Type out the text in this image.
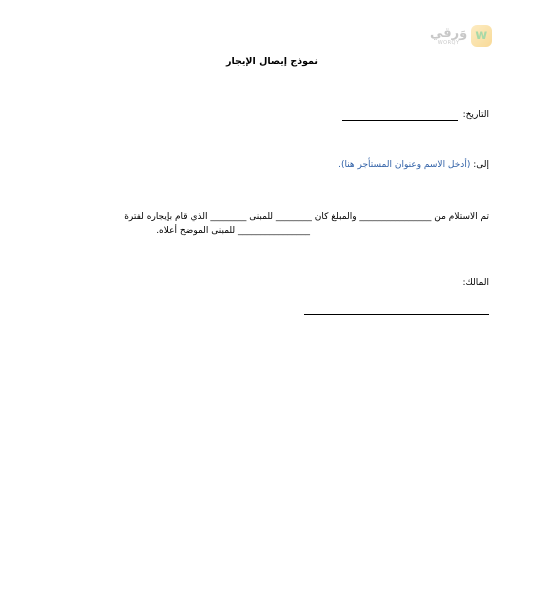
وَرقي
WORQY w
نموذج إيصال الإيجار
التاريخ:
إلى: (أدخل الاسم وعنوان المستأجر هنا).
تم الاستلام من ________________ والمبلغ كان ________ للمبنى ________ الذي قام بإيجاره لفترة
________________ للمبنى الموضح أعلاه.
المالك:
